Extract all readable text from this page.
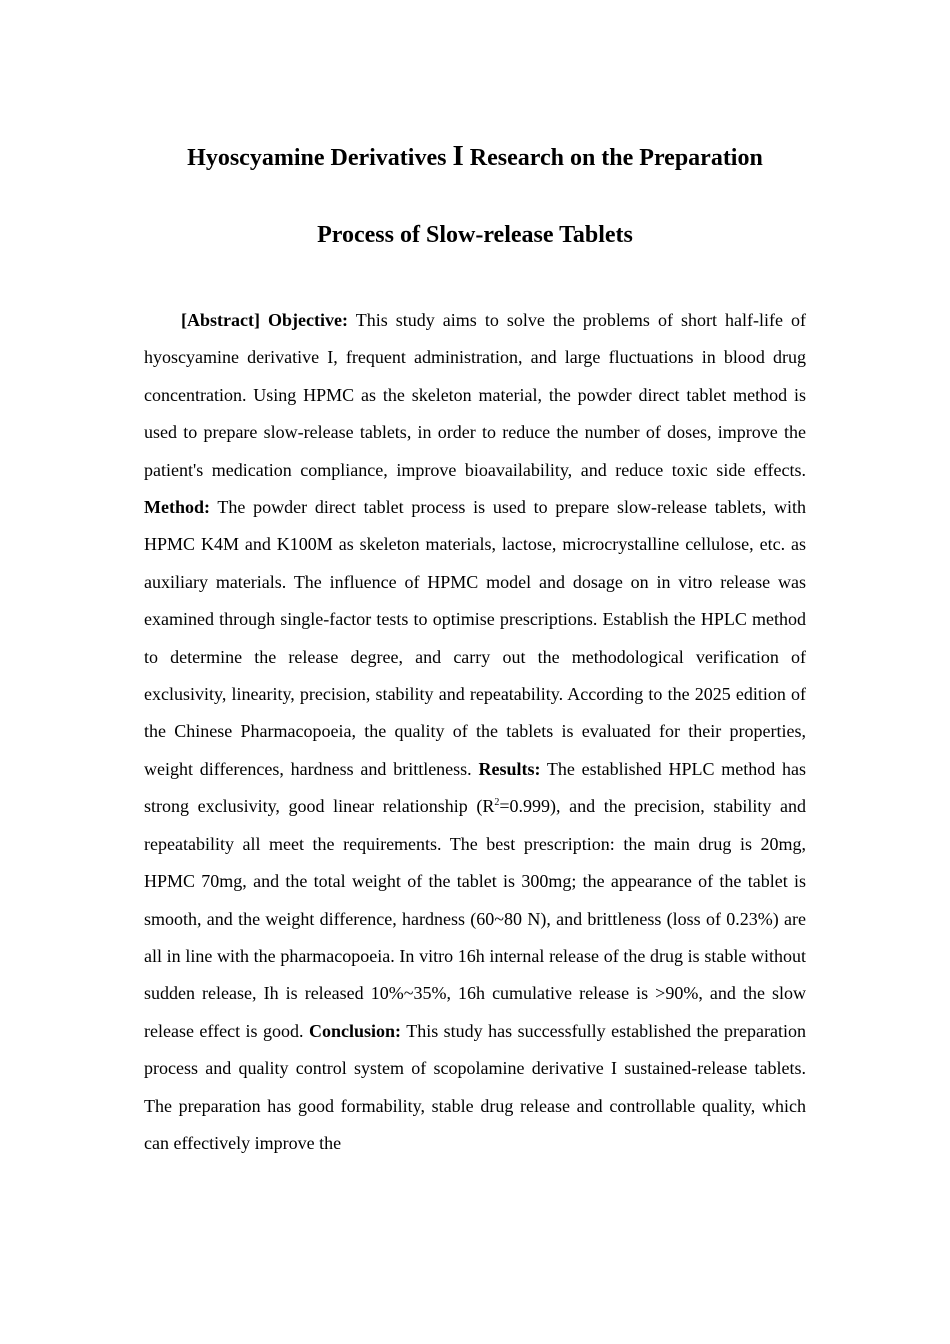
Hyoscyamine Derivatives I Research on the Preparation
Process of Slow-release Tablets

[Abstract] Objective: This study aims to solve the problems of short half-life of hyoscyamine derivative I, frequent administration, and large fluctuations in blood drug concentration. Using HPMC as the skeleton material, the powder direct tablet method is used to prepare slow-release tablets, in order to reduce the number of doses, improve the patient's medication compliance, improve bioavailability, and reduce toxic side effects. Method: The powder direct tablet process is used to prepare slow-release tablets, with HPMC K4M and K100M as skeleton materials, lactose, microcrystalline cellulose, etc. as auxiliary materials. The influence of HPMC model and dosage on in vitro release was examined through single-factor tests to optimise prescriptions. Establish the HPLC method to determine the release degree, and carry out the methodological verification of exclusivity, linearity, precision, stability and repeatability. According to the 2025 edition of the Chinese Pharmacopoeia, the quality of the tablets is evaluated for their properties, weight differences, hardness and brittleness. Results: The established HPLC method has strong exclusivity, good linear relationship $(R^2=0.999)$, and the precision, stability and repeatability all meet the requirements. The best prescription: the main drug is 20mg, HPMC 70mg, and the total weight of the tablet is 300mg; the appearance of the tablet is smooth, and the weight difference, hardness (60~80 N), and brittleness (loss of 0.23%) are all in line with the pharmacopoeia. In vitro 16h internal release of the drug is stable without sudden release, Ih is released 10%~35%, 16h cumulative release is >90%, and the slow release effect is good. Conclusion: This study has successfully established the preparation process and quality control system of scopolamine derivative I sustained-release tablets. The preparation has good formability, stable drug release and controllable quality, which can effectively improve the
